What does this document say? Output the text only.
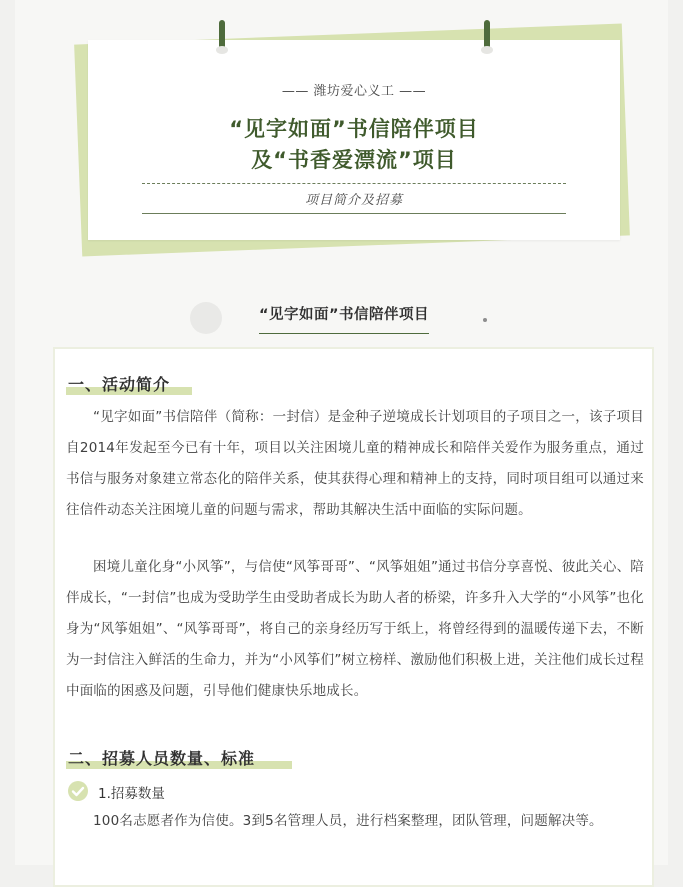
—— 潍坊爱心义工 ——
“见字如面”书信陪伴项目
及“书香爱漂流”项目
项目简介及招募
“见字如面”书信陪伴项目
一、活动简介

“见字如面”书信陪伴（简称：一封信）是金种子逆境成长计划项目的子项目之一，该子项目自2014年发起至今已有十年，项目以关注困境儿童的精神成长和陪伴关爱作为服务重点，通过书信与服务对象建立常态化的陪伴关系，使其获得心理和精神上的支持，同时项目组可以通过来往信件动态关注困境儿童的问题与需求，帮助其解决生活中面临的实际问题。

困境儿童化身“小风筝”，与信使“风筝哥哥”、“风筝姐姐”通过书信分享喜悦、彼此关心、陪伴成长，“一封信”也成为受助学生由受助者成长为助人者的桥梁，许多升入大学的“小风筝”也化身为“风筝姐姐”、“风筝哥哥”，将自己的亲身经历写于纸上，将曾经得到的温暖传递下去，不断为一封信注入鲜活的生命力，并为“小风筝们”树立榜样、激励他们积极上进，关注他们成长过程中面临的困惑及问题，引导他们健康快乐地成长。

二、招募人员数量、标准
1.招募数量

100名志愿者作为信使。3到5名管理人员，进行档案整理，团队管理，问题解决等。
